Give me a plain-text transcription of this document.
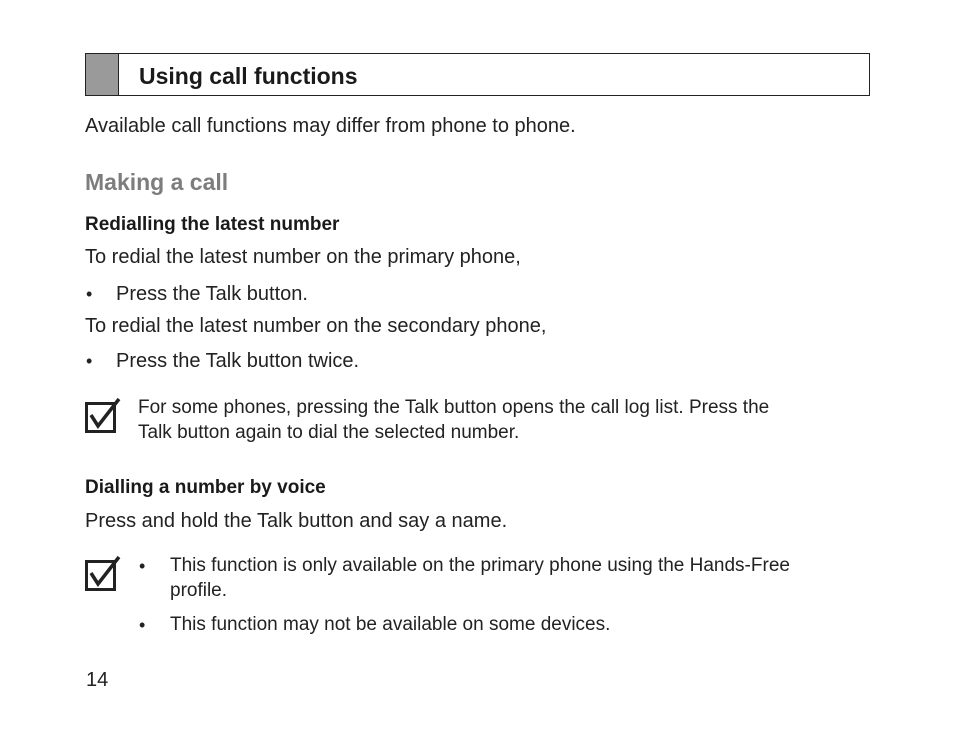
Using call functions
Available call functions may differ from phone to phone.
Making a call
Redialling the latest number
To redial the latest number on the primary phone,
• Press the Talk button.
To redial the latest number on the secondary phone,
• Press the Talk button twice.
For some phones, pressing the Talk button opens the call log list. Press the
Talk button again to dial the selected number.
Dialling a number by voice
Press and hold the Talk button and say a name.
• This function is only available on the primary phone using the Hands-Free
profile.
• This function may not be available on some devices.
14
